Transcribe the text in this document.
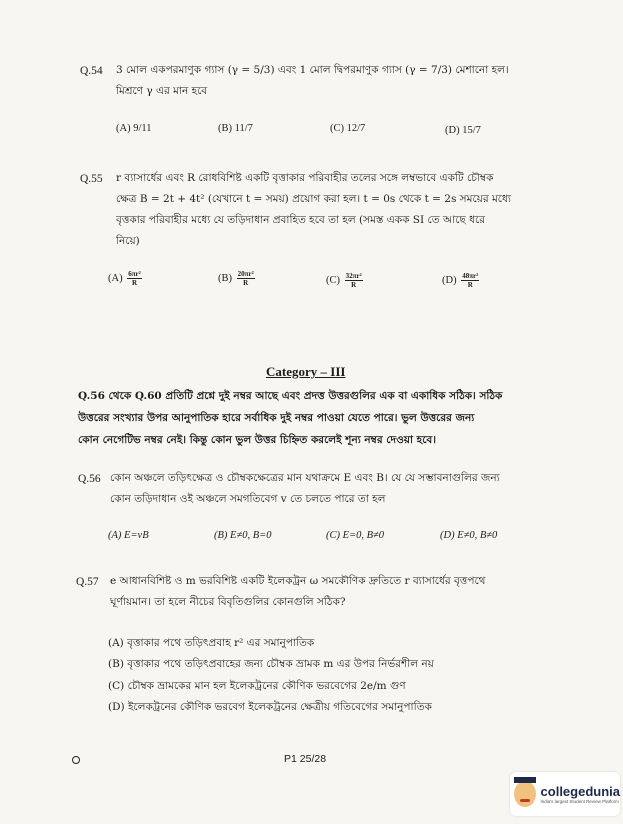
Q.54 3 মোল একপরমাণুক গ্যাস (γ = 5/3) এবং 1 মোল দ্বিপরমাণুক গ্যাস (γ = 7/3) মেশানো হল।
মিশ্রণে γ এর মান হবে
(A) 9/11	(B) 11/7	(C) 12/7	(D) 15/7
Q.55 r ব্যাসার্ধের এবং R রোধবিশিষ্ট একটি বৃত্তাকার পরিবাহীর তলের সঙ্গে লম্বভাবে একটি চৌম্বক
ক্ষেত্র B = 2t + 4t² (যেখানে t = সময়) প্রয়োগ করা হল। t = 0s থেকে t = 2s সময়ের মধ্যে
বৃত্তকার পরিবাহীর মধ্যে যে তড়িদাধান প্রবাহিত হবে তা হল (সমস্ত একক SI তে আছে ধরে
নিয়ে)
$(A) \frac{\text{6πr²}}{R}$	$(B) \frac{\text{20πr²}}{R}$	$(C) \frac{\text{32πr²}}{R}$	$(D) \frac{\text{48πr²}}{R}$
Category – III
Q.56 থেকে Q.60 প্রতিটি প্রশ্নে দুই নম্বর আছে এবং প্রদত্ত উত্তরগুলির এক বা একাধিক সঠিক। সঠিক
উত্তরের সংখ্যার উপর আনুপাতিক হারে সর্বাধিক দুই নম্বর পাওয়া যেতে পারে। ভুল উত্তরের জন্য
কোন নেগেটিভ নম্বর নেই। কিন্তু কোন ভুল উত্তর চিহ্নিত করলেই শূন্য নম্বর দেওয়া হবে।
Q.56 কোন অঞ্চলে তড়িৎক্ষেত্র ও চৌম্বকক্ষেত্রের মান যথাক্রমে E এবং B। যে যে সম্ভাবনাগুলির জন্য
কোন তড়িদাধান ওই অঞ্চলে সমগতিবেগ v তে চলতে পারে তা হল
(A) E=vB	(B) E≠0, B=0	(C) E=0, B≠0	(D) E≠0, B≠0
Q.57 e আধানবিশিষ্ট ও m ভরবিশিষ্ট একটি ইলেকট্রন ω সমকৌণিক দ্রুতিতে r ব্যাসার্ধের বৃত্তপথে
ঘূর্ণায়মান। তা হলে নীচের বিবৃতিগুলির কোনগুলি সঠিক?
(A) বৃত্তাকার পথে তড়িৎপ্রবাহ r² এর সমানুপাতিক
(B) বৃত্তাকার পথে তড়িৎপ্রবাহের জন্য চৌম্বক ভ্রামক m এর উপর নির্ভরশীল নয়
(C) চৌম্বক ভ্রামকের মান হল ইলেকট্রনের কৌণিক ভরবেগের 2e/m গুণ
(D) ইলেকট্রনের কৌণিক ভরবেগ ইলেকট্রনের ক্ষেত্রীয় গতিবেগের সমানুপাতিক
P1 25/28
collegedunia
India's largest Student Review Platform
